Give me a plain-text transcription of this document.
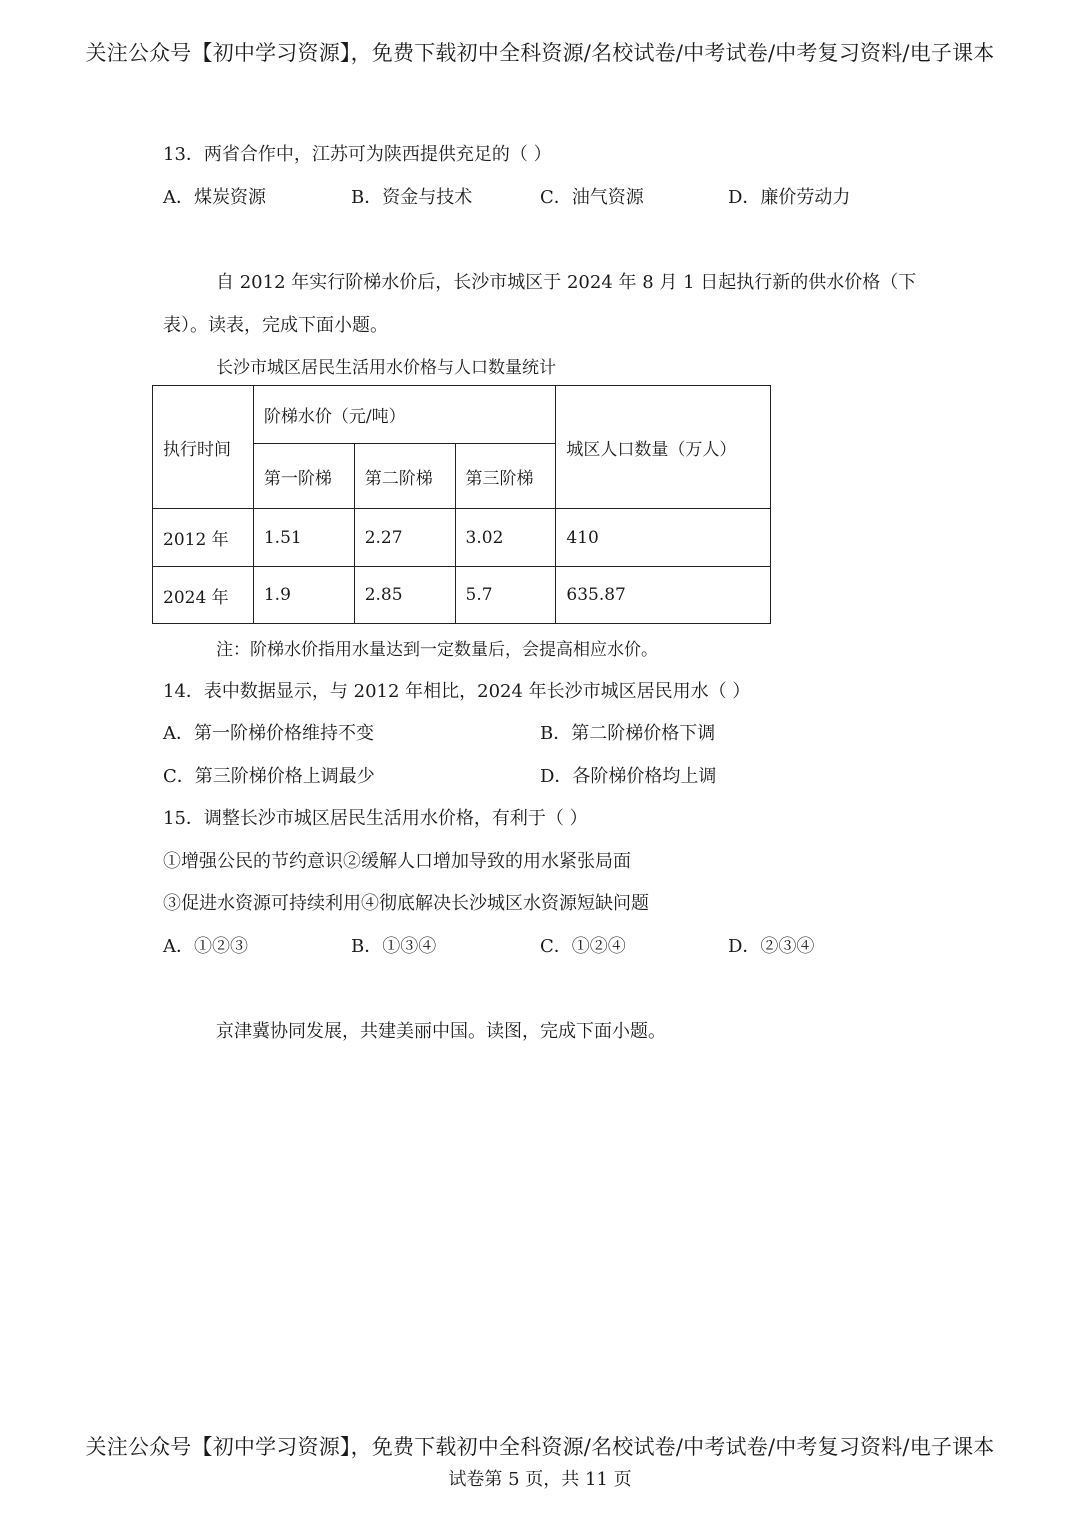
关注公众号【初中学习资源】，免费下载初中全科资源/名校试卷/中考试卷/中考复习资料/电子课本
13．两省合作中，江苏可为陕西提供充足的（ ）
A．煤炭资源	B．资金与技术	C．油气资源	D．廉价劳动力
自 2012 年实行阶梯水价后，长沙市城区于 2024 年 8 月 1 日起执行新的供水价格（下
表）。读表，完成下面小题。
长沙市城区居民生活用水价格与人口数量统计
执行时间	阶梯水价（元/吨）			城区人口数量（万人）
	第一阶梯	第二阶梯	第三阶梯	
2012 年	1.51	2.27	3.02	410
2024 年	1.9	2.85	5.7	635.87
注：阶梯水价指用水量达到一定数量后，会提高相应水价。
14．表中数据显示，与 2012 年相比，2024 年长沙市城区居民用水（ ）
A．第一阶梯价格维持不变	B．第二阶梯价格下调
C．第三阶梯价格上调最少	D．各阶梯价格均上调
15．调整长沙市城区居民生活用水价格，有利于（ ）
①增强公民的节约意识②缓解人口增加导致的用水紧张局面
③促进水资源可持续利用④彻底解决长沙城区水资源短缺问题
A．①②③	B．①③④	C．①②④	D．②③④
京津冀协同发展，共建美丽中国。读图，完成下面小题。
关注公众号【初中学习资源】，免费下载初中全科资源/名校试卷/中考试卷/中考复习资料/电子课本
试卷第 5 页，共 11 页
